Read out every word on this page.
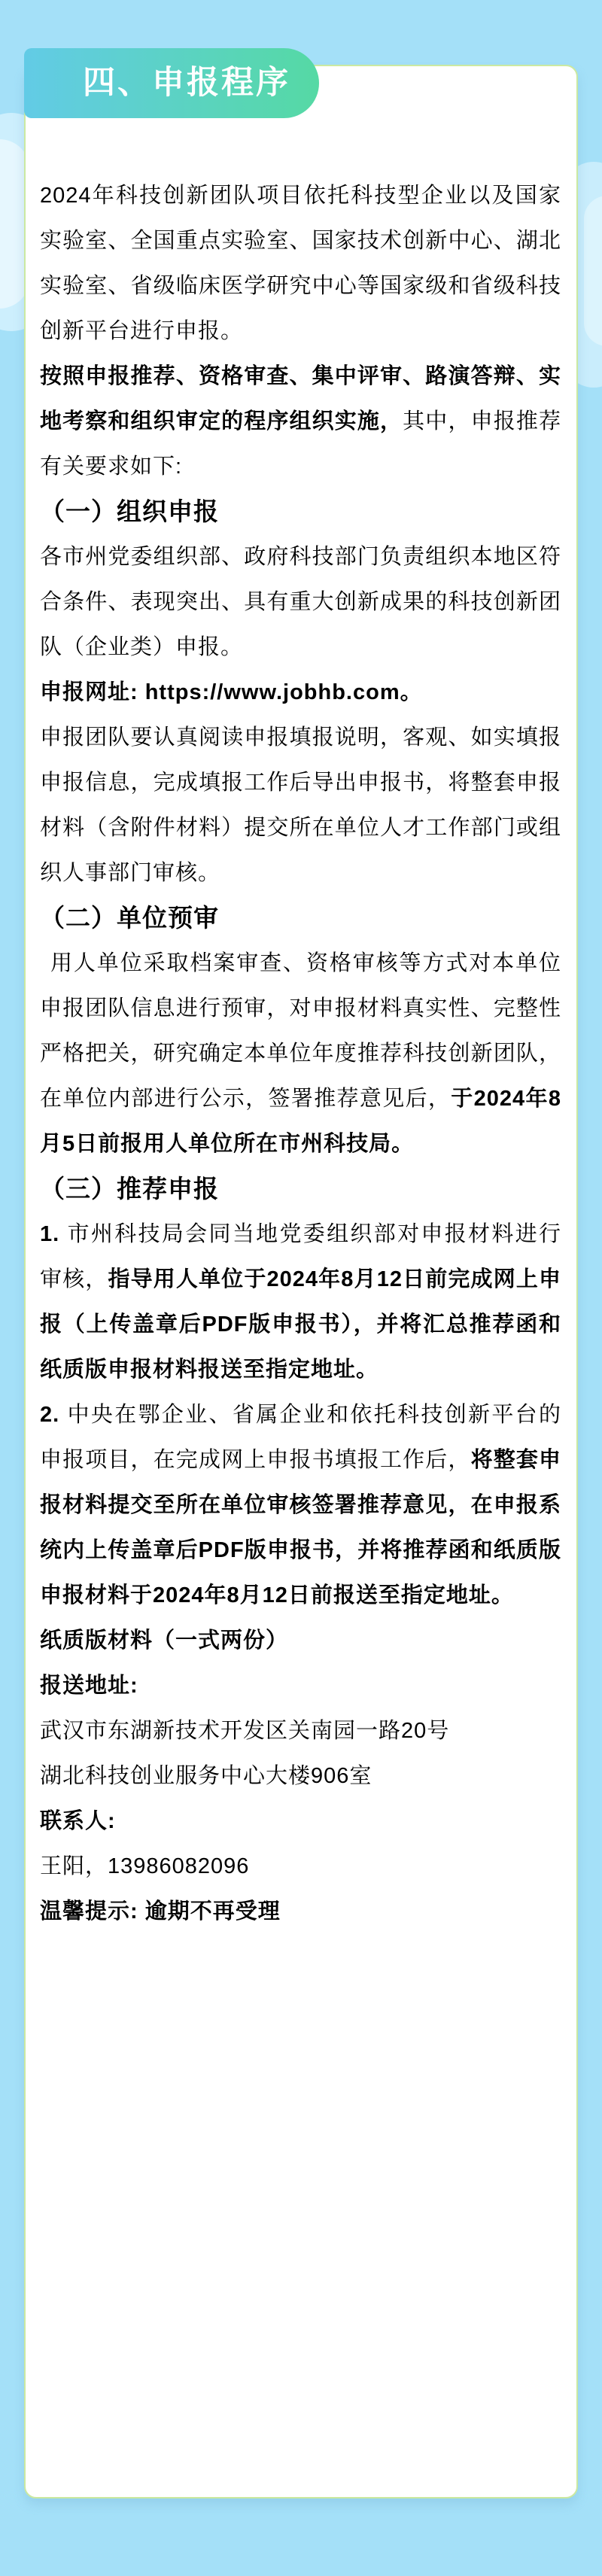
四、申报程序

2024年科技创新团队项目依托科技型企业以及国家实验室、全国重点实验室、国家技术创新中心、湖北实验室、省级临床医学研究中心等国家级和省级科技创新平台进行申报。

按照申报推荐、资格审查、集中评审、路演答辩、实地考察和组织审定的程序组织实施，其中，申报推荐有关要求如下:

（一）组织申报

各市州党委组织部、政府科技部门负责组织本地区符合条件、表现突出、具有重大创新成果的科技创新团队（企业类）申报。

申报网址: https://www.jobhb.com。

申报团队要认真阅读申报填报说明，客观、如实填报申报信息，完成填报工作后导出申报书，将整套申报材料（含附件材料）提交所在单位人才工作部门或组织人事部门审核。

（二）单位预审

用人单位采取档案审查、资格审核等方式对本单位申报团队信息进行预审，对申报材料真实性、完整性严格把关，研究确定本单位年度推荐科技创新团队，在单位内部进行公示，签署推荐意见后，于2024年8月5日前报用人单位所在市州科技局。

（三）推荐申报

1. 市州科技局会同当地党委组织部对申报材料进行审核，指导用人单位于2024年8月12日前完成网上申报（上传盖章后PDF版申报书），并将汇总推荐函和纸质版申报材料报送至指定地址。

2. 中央在鄂企业、省属企业和依托科技创新平台的申报项目，在完成网上申报书填报工作后，将整套申报材料提交至所在单位审核签署推荐意见，在申报系统内上传盖章后PDF版申报书，并将推荐函和纸质版申报材料于2024年8月12日前报送至指定地址。

纸质版材料（一式两份）

报送地址:

武汉市东湖新技术开发区关南园一路20号

湖北科技创业服务中心大楼906室

联系人:

王阳，13986082096

温馨提示: 逾期不再受理
